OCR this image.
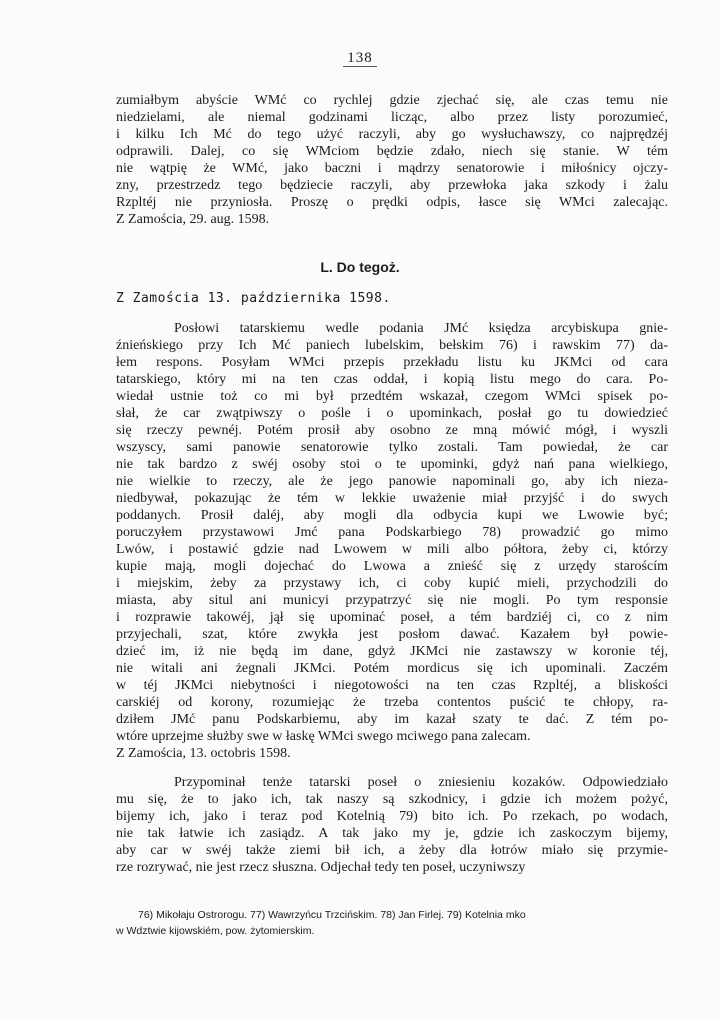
138
zumiałbym abyście WMć co rychlej gdzie zjechać się, ale czas temu nie
niedzielami, ale niemal godzinami licząc, albo przez listy porozumieć,
i kilku Ich Mć do tego użyć raczyli, aby go wysłuchawszy, co najprędzéj
odprawili. Dalej, co się WMciom będzie zdało, niech się stanie. W tém
nie wątpię że WMć, jako baczni i mądrzy senatorowie i miłośnicy ojczy-
zny, przestrzedz tego będziecie raczyli, aby przewłoka jaka szkody i żalu
Rzpltéj nie przyniosła. Proszę o prędki odpis, łasce się WMci zalecając.
Z Zamościa, 29. aug. 1598.
L. Do tegoż.
Z Zamościa 13. października 1598.
Posłowi tatarskiemu wedle podania JMć księdza arcybiskupa gnie-
źnieńskiego przy Ich Mć paniech lubelskim, bełskim 76) i rawskim 77) da-
łem respons. Posyłam WMci przepis przekładu listu ku JKMci od cara
tatarskiego, który mi na ten czas oddał, i kopią listu mego do cara. Po-
wiedał ustnie toż co mi był przedtém wskazał, czegom WMci spisek po-
słał, że car zwątpiwszy o pośle i o upominkach, posłał go tu dowiedzieć
się rzeczy pewnéj. Potém prosił aby osobno ze mną mówić mógł, i wyszli
wszyscy, sami panowie senatorowie tylko zostali. Tam powiedał, że car
nie tak bardzo z swéj osoby stoi o te upominki, gdyż nań pana wielkiego,
nie wielkie to rzeczy, ale że jego panowie napominali go, aby ich nieza-
niedbywał, pokazując że tém w lekkie uważenie miał przyjść i do swych
poddanych. Prosił daléj, aby mogli dla odbycia kupi we Lwowie być;
poruczyłem przystawowi Jmć pana Podskarbiego 78) prowadzić go mimo
Lwów, i postawić gdzie nad Lwowem w mili albo półtora, żeby ci, którzy
kupie mają, mogli dojechać do Lwowa a znieść się z urzędy staroścím
i miejskim, żeby za przystawy ich, ci coby kupić mieli, przychodzili do
miasta, aby situl ani municyi przypatrzyć się nie mogli. Po tym responsie
i rozprawie takowéj, jął się upominać poseł, a tém bardziéj ci, co z nim
przyjechali, szat, które zwykła jest posłom dawać. Kazałem był powie-
dzieć im, iż nie będą im dane, gdyż JKMci nie zastawszy w koronie téj,
nie witali ani żegnali JKMci. Potém mordicus się ich upominali. Zaczém
w téj JKMci niebytności i niegotowości na ten czas Rzpltéj, a bliskości
carskiéj od korony, rozumiejąc że trzeba contentos puścić te chłopy, ra-
dziłem JMć panu Podskarbiemu, aby im kazał szaty te dać. Z tém po-
wtóre uprzejme służby swe w łaskę WMci swego mciwego pana zalecam.
Z Zamościa, 13. octobris 1598.
Przypominał tenże tatarski poseł o zniesieniu kozaków. Odpowiedziało
mu się, że to jako ich, tak naszy są szkodnicy, i gdzie ich możem pożyć,
bijemy ich, jako i teraz pod Kotelnią 79) bito ich. Po rzekach, po wodach,
nie tak łatwie ich zasiądz. A tak jako my je, gdzie ich zaskoczym bijemy,
aby car w swéj także ziemi bił ich, a żeby dla łotrów miało się przymie-
rze rozrywać, nie jest rzecz słuszna. Odjechał tedy ten poseł, uczyniwszy
76) Mikołaju Ostrorogu. 77) Wawrzyńcu Trzcińskim. 78) Jan Firlej. 79) Kotelnia mko
w Wdztwie kijowskiém, pow. żytomierskim.
